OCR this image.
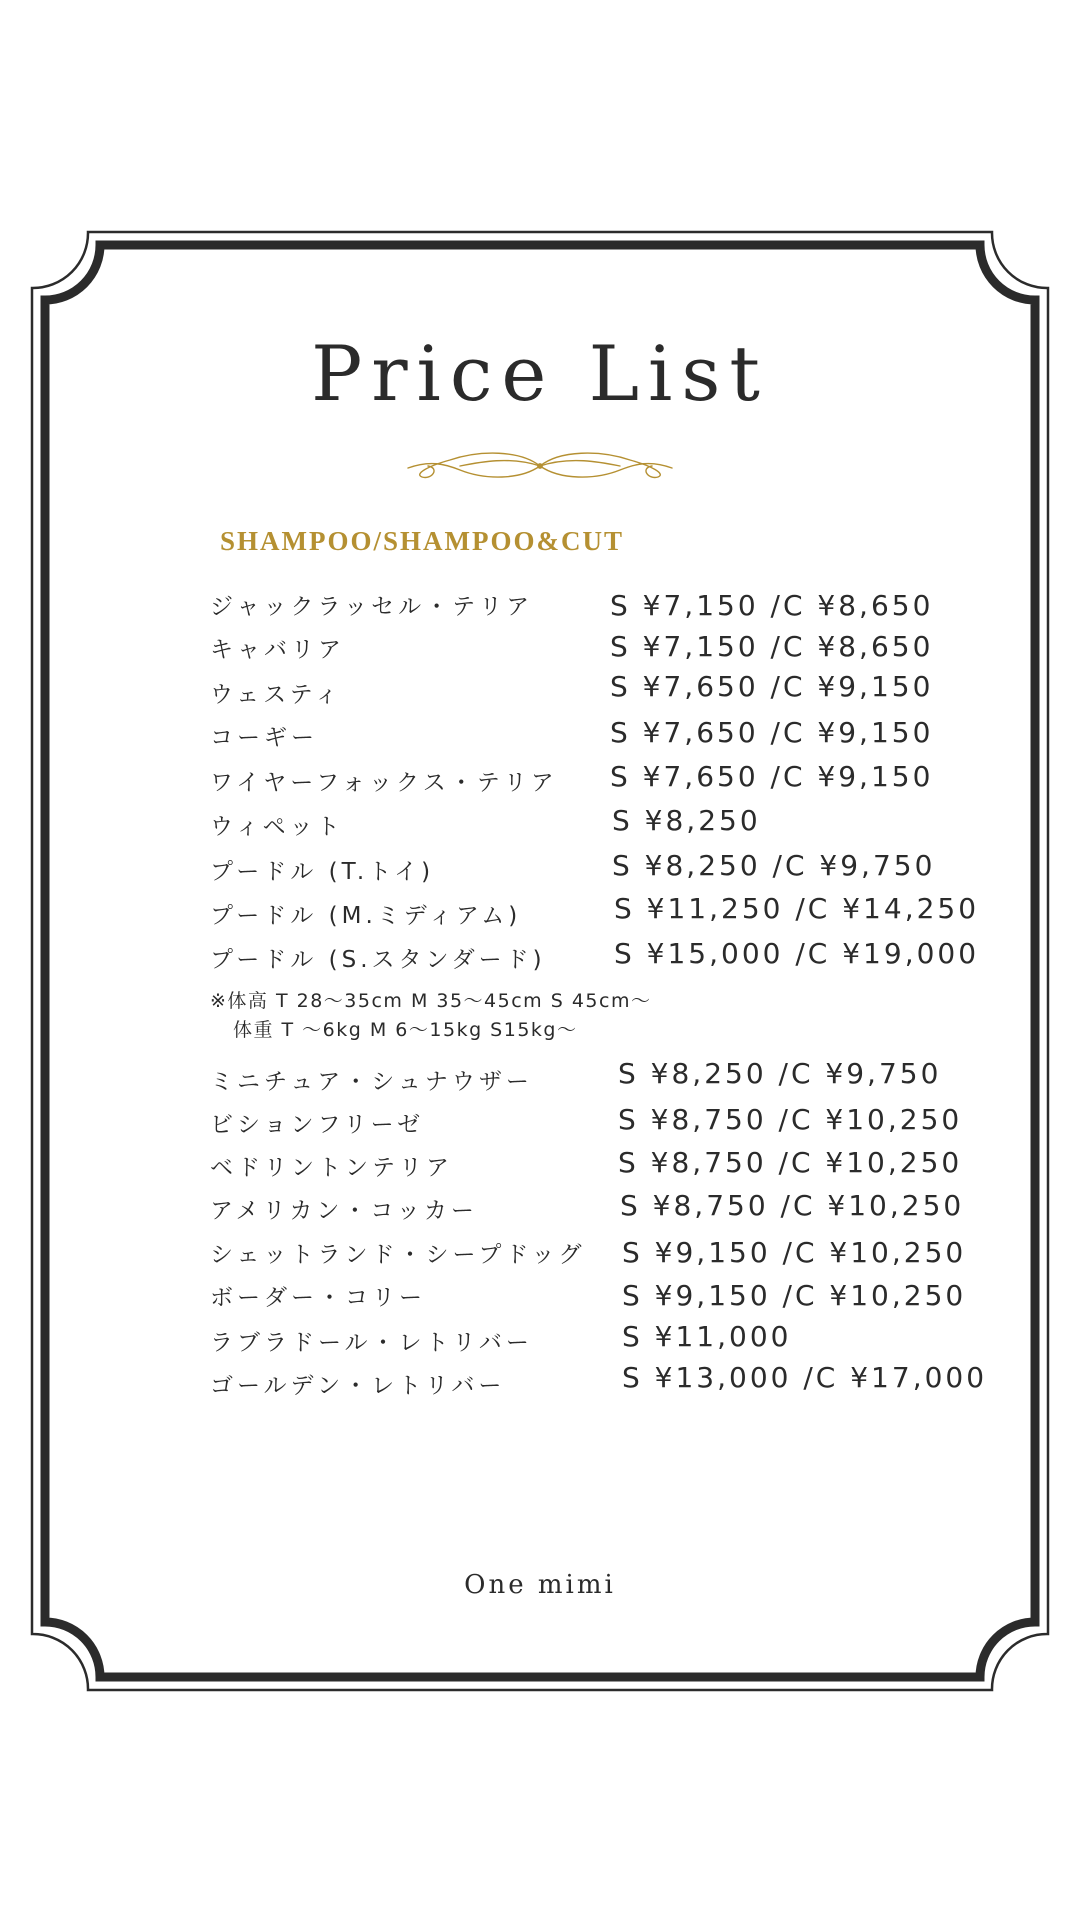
Price List
SHAMPOO/SHAMPOO&CUT
ジャックラッセル・テリア	S ¥7,150 /C ¥8,650
キャバリア	S ¥7,150 /C ¥8,650
ウェスティ	S ¥7,650 /C ¥9,150
コーギー	S ¥7,650 /C ¥9,150
ワイヤーフォックス・テリア S ¥7,650 /C ¥9,150
ウィペット	S ¥8,250
プードル (T.トイ)	S ¥8,250 /C ¥9,750
プードル (M.ミディアム)	S ¥11,250 /C ¥14,250
プードル (S.スタンダード) S ¥15,000 /C ¥19,000
ミニチュア・シュナウザー	S ¥8,250 /C ¥9,750
ビションフリーゼ	S ¥8,750 /C ¥10,250
ベドリントンテリア	S ¥8,750 /C ¥10,250
アメリカン・コッカー	S ¥8,750 /C ¥10,250
シェットランド・シープドッグ S ¥9,150 /C ¥10,250
ボーダー・コリー	S ¥9,150 /C ¥10,250
ラブラドール・レトリバー	S ¥11,000
ゴールデン・レトリバー	S ¥13,000 /C ¥17,000
※体高 T 28〜35cm M 35〜45cm S 45cm〜
体重 T 〜6kg M 6〜15kg S15kg〜
One mimi
